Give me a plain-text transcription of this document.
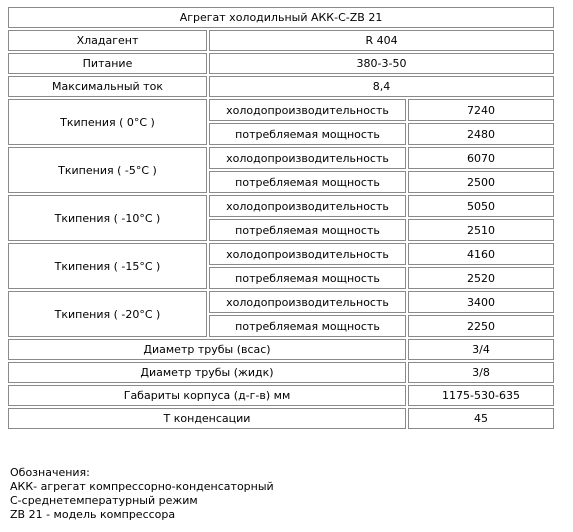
Агрегат холодильный АКК-С-ZB 21		
Хладагент	R 404	
Питание	380-3-50	
Максимальный ток	8,4	
Ткипения ( 0°С )	холодопроизводительность	7240
	потребляемая мощность	2480
Ткипения ( -5°С )	холодопроизводительность	6070
	потребляемая мощность	2500
Ткипения ( -10°С )	холодопроизводительность	5050
	потребляемая мощность	2510
Ткипения ( -15°С )	холодопроизводительность	4160
	потребляемая мощность	2520
Ткипения ( -20°С )	холодопроизводительность	3400
	потребляемая мощность	2250
Диаметр трубы (всас)		3/4
Диаметр трубы (жидк)		3/8
Габариты корпуса (д-г-в) мм		1175-530-635
Т конденсации		45
Обозначения:
АКК- агрегат компрессорно-конденсаторный
С-среднетемпературный режим
ZB 21 - модель компрессора
